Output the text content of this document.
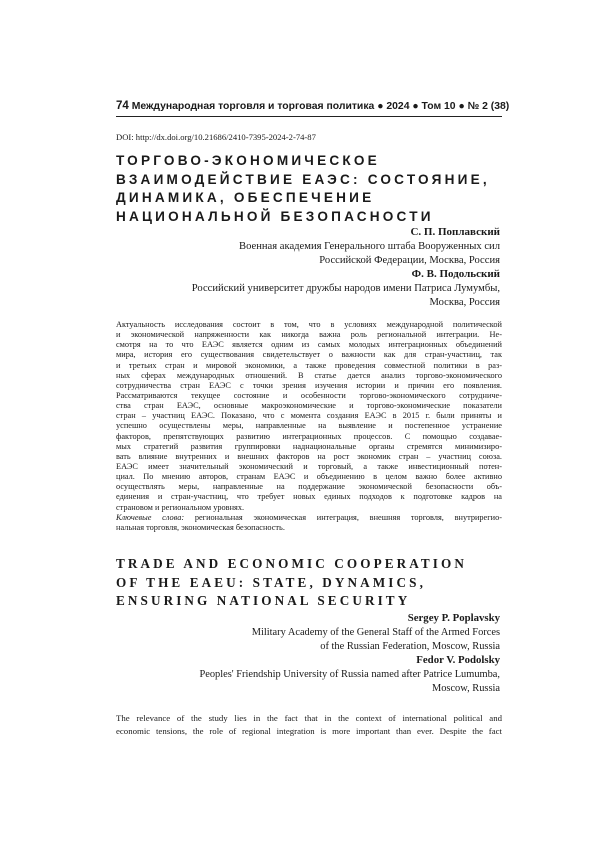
74 Международная торговля и торговая политика ● 2024 ● Том 10 ● № 2 (38)
DOI: http://dx.doi.org/10.21686/2410-7395-2024-2-74-87
ТОРГОВО-ЭКОНОМИЧЕСКОЕ
ВЗАИМОДЕЙСТВИЕ ЕАЭС: СОСТОЯНИЕ,
ДИНАМИКА, ОБЕСПЕЧЕНИЕ
НАЦИОНАЛЬНОЙ БЕЗОПАСНОСТИ
С. П. Поплавский
Военная академия Генерального штаба Вооруженных сил
Российской Федерации, Москва, Россия
Ф. В. Подольский
Российский университет дружбы народов имени Патриса Лумумбы,
Москва, Россия
Актуальность исследования состоит в том, что в условиях международной политической
и экономической напряженности как никогда важна роль региональной интеграции. Не-
смотря на то что ЕАЭС является одним из самых молодых интеграционных объединений
мира, история его существования свидетельствует о важности как для стран-участниц, так
и третьих стран и мировой экономики, а также проведения совместной политики в раз-
ных сферах международных отношений. В статье дается анализ торгово-экономического
сотрудничества стран ЕАЭС с точки зрения изучения истории и причин его появления.
Рассматриваются текущее состояние и особенности торгово-экономического сотрудниче-
ства стран ЕАЭС, основные макроэкономические и торгово-экономические показатели
стран – участниц ЕАЭС. Показано, что с момента создания ЕАЭС в 2015 г. были приняты и
успешно осуществлены меры, направленные на выявление и постепенное устранение
факторов, препятствующих развитию интеграционных процессов. С помощью создавае-
мых стратегий развития группировки наднациональные органы стремятся минимизиро-
вать влияние внутренних и внешних факторов на рост экономик стран – участниц союза.
ЕАЭС имеет значительный экономический и торговый, а также инвестиционный потен-
циал. По мнению авторов, странам ЕАЭС и объединению в целом важно более активно
осуществлять меры, направленные на поддержание экономической безопасности объ-
единения и стран-участниц, что требует новых единых подходов к подготовке кадров на
страновом и региональном уровнях.
Ключевые слова: региональная экономическая интеграция, внешняя торговля, внутрирегио-
нальная торговля, экономическая безопасность.
TRADE AND ECONOMIC COOPERATION
OF THE EAEU: STATE, DYNAMICS,
ENSURING NATIONAL SECURITY
Sergey P. Poplavsky
Military Academy of the General Staff of the Armed Forces
of the Russian Federation, Moscow, Russia
Fedor V. Podolsky
Peoples' Friendship University of Russia named after Patrice Lumumba,
Moscow, Russia
The relevance of the study lies in the fact that in the context of international political and
economic tensions, the role of regional integration is more important than ever. Despite the fact
